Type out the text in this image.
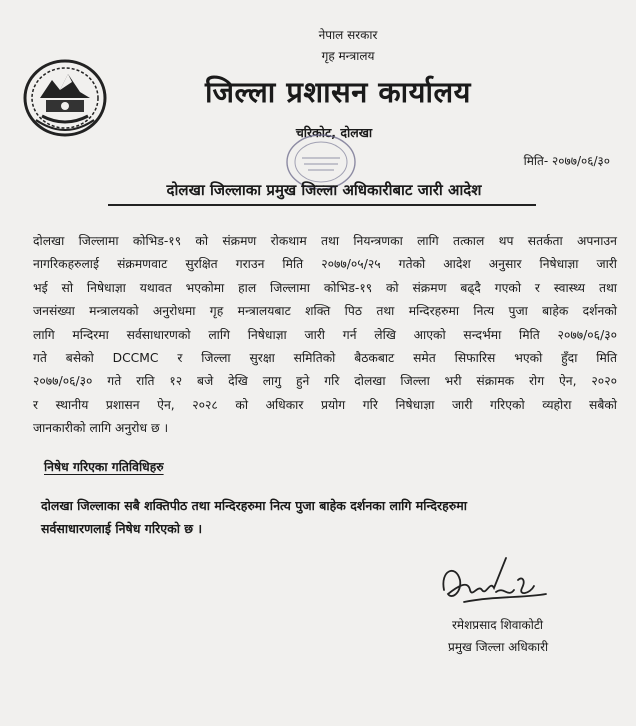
नेपाल सरकार
गृह मन्त्रालय
जिल्ला प्रशासन कार्यालय
चरिकोट, दोलखा
मिति- २०७७/०६/३०
दोलखा जिल्लाका प्रमुख जिल्ला अधिकारीबाट जारी आदेश
दोलखा जिल्लामा कोभिड-१९ को संक्रमण रोकथाम तथा नियन्त्रणका लागि तत्काल थप सतर्कता अपनाउन
नागरिकहरुलाई संक्रमणवाट सुरक्षित गराउन मिति २०७७/०५/२५ गतेको आदेश अनुसार निषेधाज्ञा जारी
भई सो निषेधाज्ञा यथावत भएकोमा हाल जिल्लामा कोभिड-१९ को संक्रमण बढ्दै गएको र स्वास्थ्य तथा
जनसंख्या मन्त्रालयको अनुरोधमा गृह मन्त्रालयबाट शक्ति पिठ तथा मन्दिरहरुमा नित्य पुजा बाहेक दर्शनको
लागि मन्दिरमा सर्वसाधारणको लागि निषेधाज्ञा जारी गर्न लेखि आएको सन्दर्भमा मिति २०७७/०६/३०
गते बसेको DCCMC र जिल्ला सुरक्षा समितिको बैठकबाट समेत सिफारिस भएको हुँदा मिति
२०७७/०६/३० गते राति १२ बजे देखि लागु हुने गरि दोलखा जिल्ला भरी संक्रामक रोग ऐन, २०२०
र स्थानीय प्रशासन ऐन, २०२८ को अधिकार प्रयोग गरि निषेधाज्ञा जारी गरिएको व्यहोरा सबैको
जानकारीको लागि अनुरोध छ ।
निषेध गरिएका गतिविधिहरु
दोलखा जिल्लाका सबै शक्तिपीठ तथा मन्दिरहरुमा नित्य पुजा बाहेक दर्शनका लागि मन्दिरहरुमा
सर्वसाधारणलाई निषेध गरिएको छ ।
रमेशप्रसाद शिवाकोटी
प्रमुख जिल्ला अधिकारी
